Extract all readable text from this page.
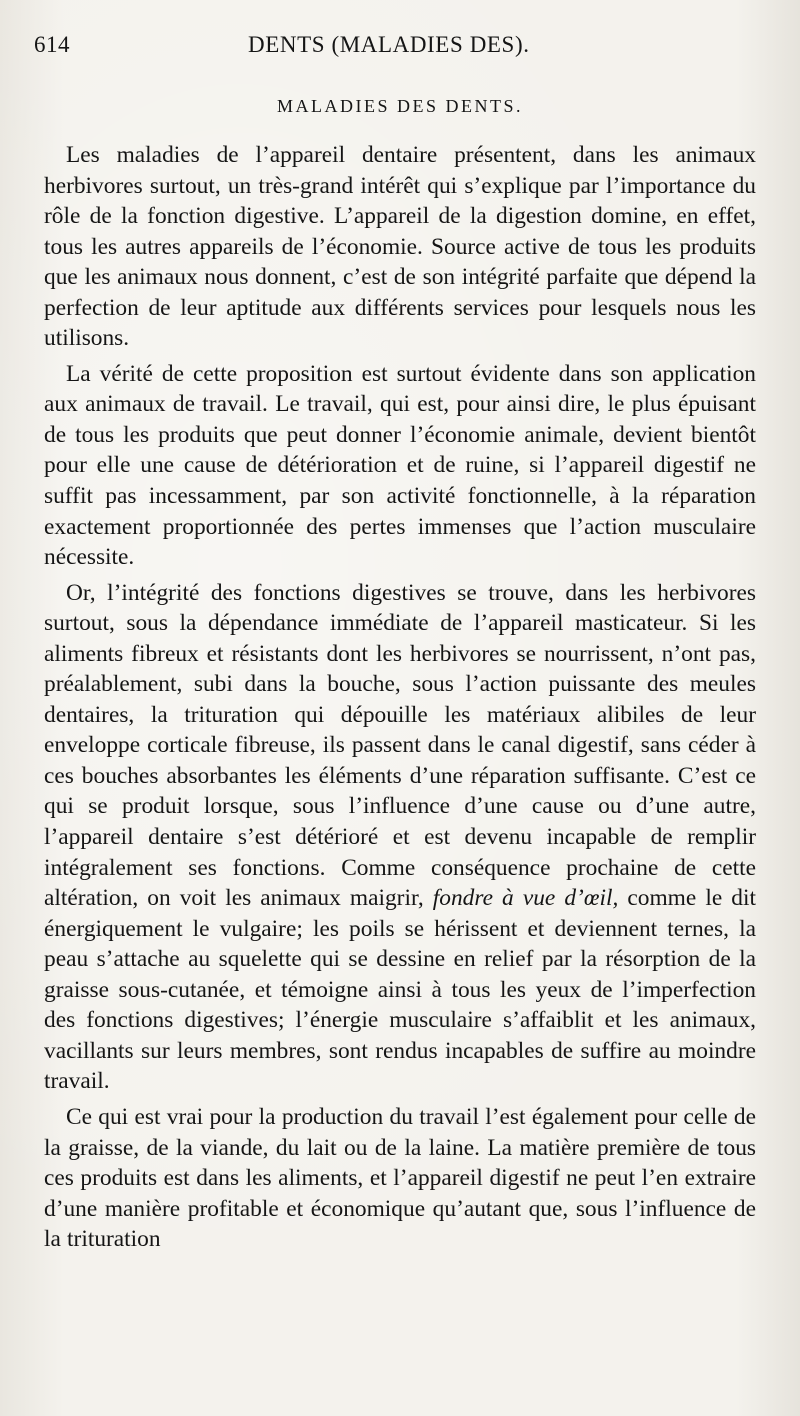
614	DENTS (MALADIES DES).
MALADIES DES DENTS.

Les maladies de l’appareil dentaire présentent, dans les animaux herbivores surtout, un très-grand intérêt qui s’explique par l’importance du rôle de la fonction digestive. L’appareil de la digestion domine, en effet, tous les autres appareils de l’économie. Source active de tous les produits que les animaux nous donnent, c’est de son intégrité parfaite que dépend la perfection de leur aptitude aux différents services pour lesquels nous les utilisons.

La vérité de cette proposition est surtout évidente dans son application aux animaux de travail. Le travail, qui est, pour ainsi dire, le plus épuisant de tous les produits que peut donner l’économie animale, devient bientôt pour elle une cause de détérioration et de ruine, si l’appareil digestif ne suffit pas incessamment, par son activité fonctionnelle, à la réparation exactement proportionnée des pertes immenses que l’action musculaire nécessite.

Or, l’intégrité des fonctions digestives se trouve, dans les herbivores surtout, sous la dépendance immédiate de l’appareil masticateur. Si les aliments fibreux et résistants dont les herbivores se nourrissent, n’ont pas, préalablement, subi dans la bouche, sous l’action puissante des meules dentaires, la trituration qui dépouille les matériaux alibiles de leur enveloppe corticale fibreuse, ils passent dans le canal digestif, sans céder à ces bouches absorbantes les éléments d’une réparation suffisante. C’est ce qui se produit lorsque, sous l’influence d’une cause ou d’une autre, l’appareil dentaire s’est détérioré et est devenu incapable de remplir intégralement ses fonctions. Comme conséquence prochaine de cette altération, on voit les animaux maigrir, fondre à vue d’œil, comme le dit énergiquement le vulgaire; les poils se hérissent et deviennent ternes, la peau s’attache au squelette qui se dessine en relief par la résorption de la graisse sous-cutanée, et témoigne ainsi à tous les yeux de l’imperfection des fonctions digestives; l’énergie musculaire s’affaiblit et les animaux, vacillants sur leurs membres, sont rendus incapables de suffire au moindre travail.

Ce qui est vrai pour la production du travail l’est également pour celle de la graisse, de la viande, du lait ou de la laine. La matière première de tous ces produits est dans les aliments, et l’appareil digestif ne peut l’en extraire d’une manière profitable et économique qu’autant que, sous l’influence de la trituration
